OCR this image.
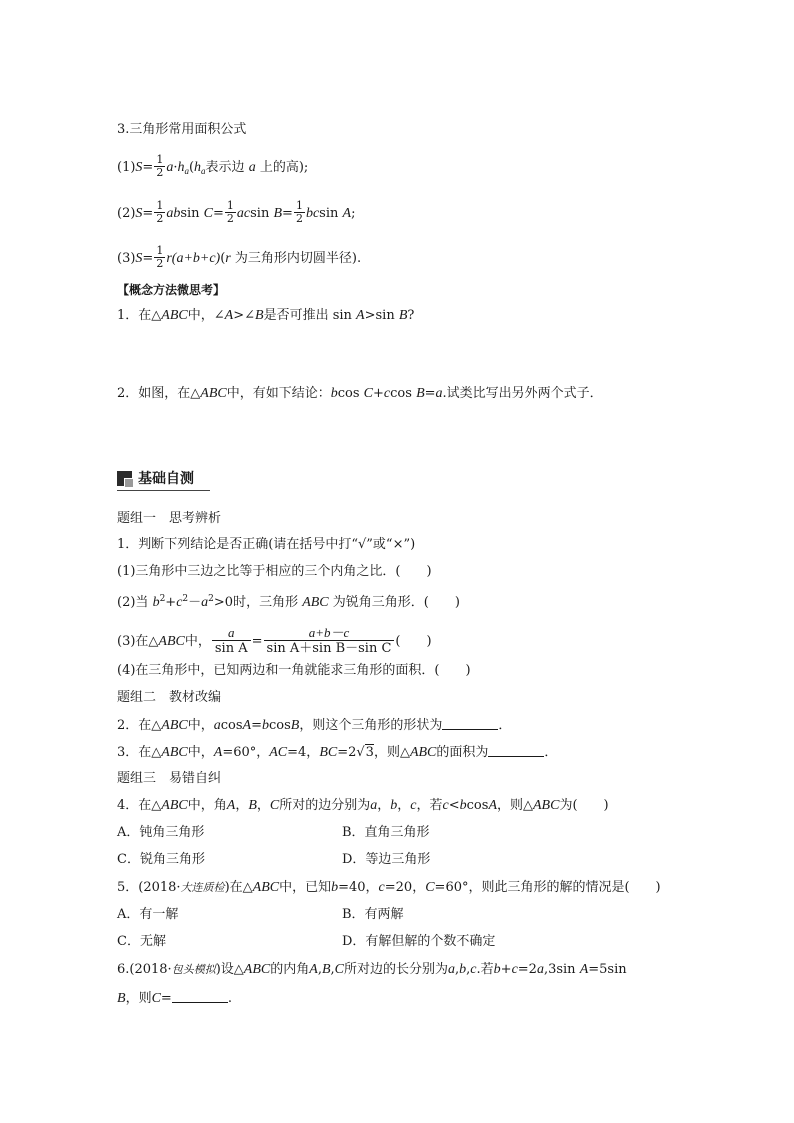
3.三角形常用面积公式
$(1)S= \frac{1}{2} a\cdot h_a(h_a$表示边 a 上的高);
$(2)S= \frac{1}{2}$ absin $C= \frac{1}{2}$ acsin $B= \frac{1}{2}$ bcsin A;
$(3)S= \frac{1}{2} r(a+b+c)(r$ 为三角形内切圆半径).
【概念方法微思考】
1．在△ABC中，∠A>∠B是否可推出 sin A>sin B?
2．如图，在△ABC中，有如下结论：bcos C+ccos B=a.试类比写出另外两个式子．
基础自测
题组一　思考辨析
1．判断下列结论是否正确(请在括号中打“√”或“×”)
(1)三角形中三边之比等于相应的三个内角之比．(　　)
(2)当 $b^2+c^2-a^2>0$时，三角形 ABC 为锐角三角形．(　　)
(3)在△ABC中， $\frac{a}{\text{sin A}} = \frac{a+b-c}{\text{sin A＋sin B－sin C}}$ (　　)
(4)在三角形中，已知两边和一角就能求三角形的面积．(　　)
题组二　教材改编
2．在△ABC中，acosA=bcosB，则这个三角形的形状为	．
3．在△ABC中，A=60°，AC=4，BC=2√3，则△ABC的面积为	．
题组三　易错自纠
4．在△ABC中，角A，B，C所对的边分别为a，b，c，若c<bcosA，则△ABC为(　　)
A．钝角三角形	B．直角三角形
C．锐角三角形	D．等边三角形
5．(2018·大连质检)在△ABC中，已知b=40，c=20，C=60°，则此三角形的解的情况是(　　)
A．有一解	B．有两解
C．无解	D．有解但解的个数不确定
6.(2018·包头模拟)设△ABC的内角A,B,C所对边的长分别为a,b,c.若b+c=2a,3sin A=5sin
B，则C=	.
